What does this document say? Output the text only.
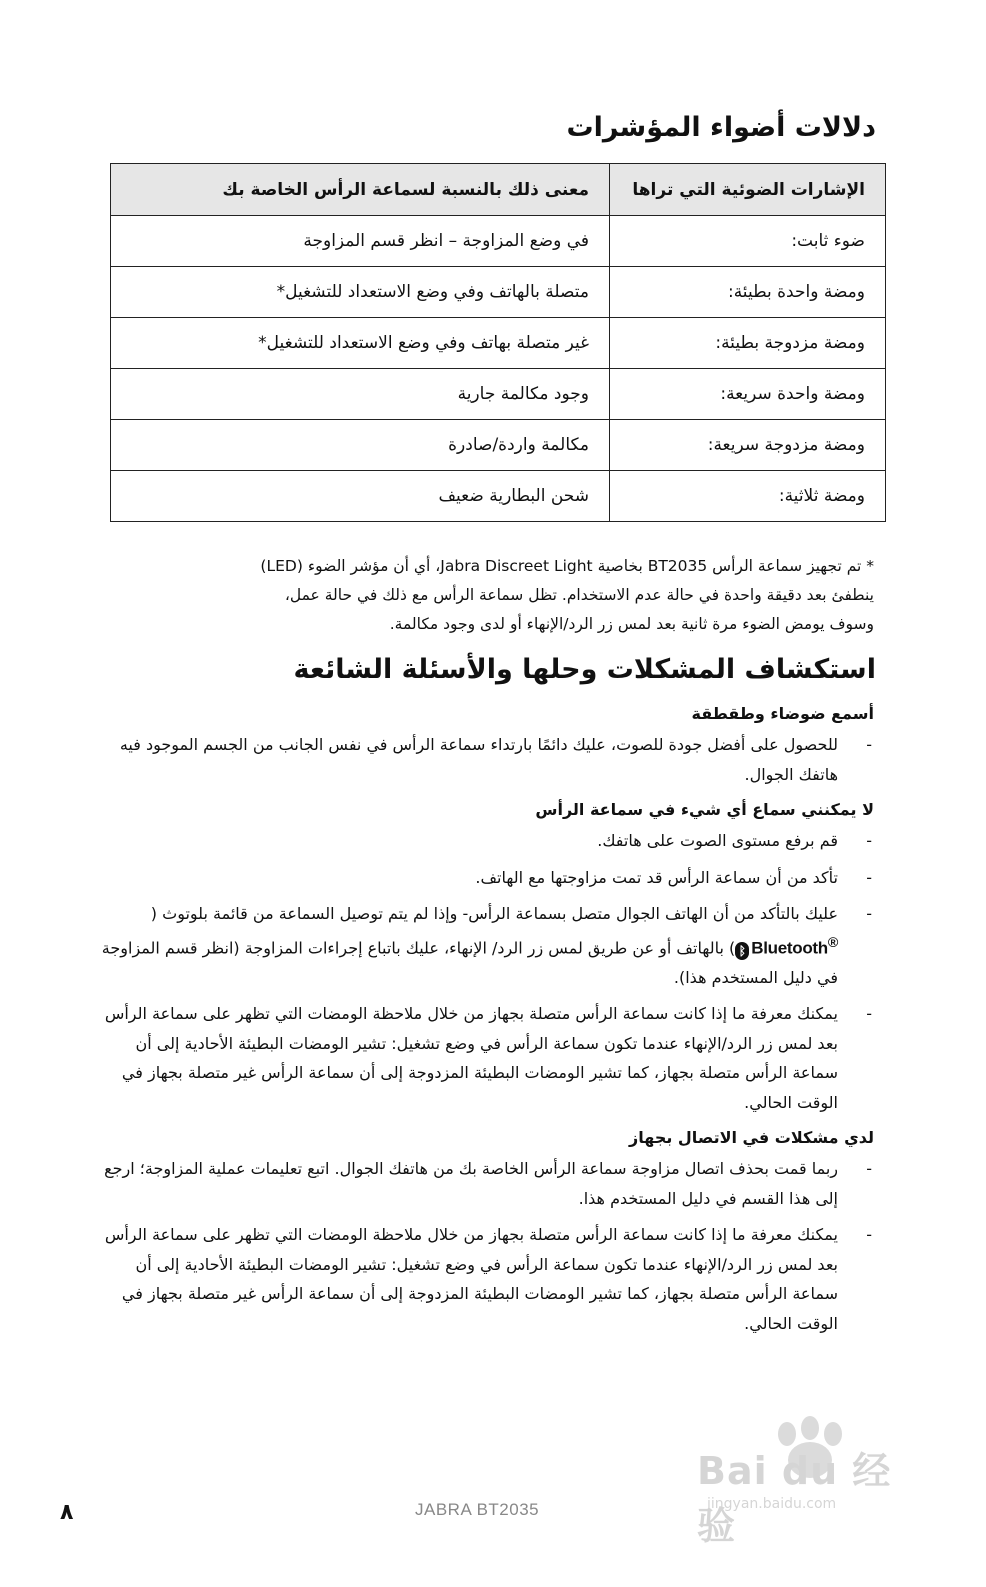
دلالات أضواء المؤشرات
الإشارات الضوئية التي تراها	معنى ذلك بالنسبة لسماعة الرأس الخاصة بك
ضوء ثابت:	في وضع المزاوجة – انظر قسم المزاوجة
ومضة واحدة بطيئة:	متصلة بالهاتف وفي وضع الاستعداد للتشغيل*
ومضة مزدوجة بطيئة:	غير متصلة بهاتف وفي وضع الاستعداد للتشغيل*
ومضة واحدة سريعة:	وجود مكالمة جارية
ومضة مزدوجة سريعة:	مكالمة واردة/صادرة
ومضة ثلاثية:	شحن البطارية ضعيف

* تم تجهيز سماعة الرأس BT2035 بخاصية Jabra Discreet Light، أي أن مؤشر الضوء (LED)

ينطفئ بعد دقيقة واحدة في حالة عدم الاستخدام. تظل سماعة الرأس مع ذلك في حالة عمل،

وسوف يومض الضوء مرة ثانية بعد لمس زر الرد/الإنهاء أو لدى وجود مكالمة.

استكشاف المشكلات وحلها والأسئلة الشائعة

أسمع ضوضاء وطقطقة

-
للحصول على أفضل جودة للصوت، عليك دائمًا بارتداء سماعة الرأس في نفس الجانب من الجسم الموجود فيه هاتفك الجوال.

لا يمكنني سماع أي شيء في سماعة الرأس

-
قم برفع مستوى الصوت على هاتفك.
-
تأكد من أن سماعة الرأس قد تمت مزاوجتها مع الهاتف.
-
عليك بالتأكد من أن الهاتف الجوال متصل بسماعة الرأس- وإذا لم يتم توصيل السماعة من قائمة بلوتوث (ᛒ Bluetooth®) بالهاتف أو عن طريق لمس زر الرد/ الإنهاء، عليك باتباع إجراءات المزاوجة (انظر قسم المزاوجة في دليل المستخدم هذا).
-
يمكنك معرفة ما إذا كانت سماعة الرأس متصلة بجهاز من خلال ملاحظة الومضات التي تظهر على سماعة الرأس بعد لمس زر الرد/الإنهاء عندما تكون سماعة الرأس في وضع تشغيل: تشير الومضات البطيئة الأحادية إلى أن سماعة الرأس متصلة بجهاز، كما تشير الومضات البطيئة المزدوجة إلى أن سماعة الرأس غير متصلة بجهاز في الوقت الحالي.

لدي مشكلات في الاتصال بجهاز

-
ربما قمت بحذف اتصال مزاوجة سماعة الرأس الخاصة بك من هاتفك الجوال. اتبع تعليمات عملية المزاوجة؛ ارجع إلى هذا القسم في دليل المستخدم هذا.
-
يمكنك معرفة ما إذا كانت سماعة الرأس متصلة بجهاز من خلال ملاحظة الومضات التي تظهر على سماعة الرأس بعد لمس زر الرد/الإنهاء عندما تكون سماعة الرأس في وضع تشغيل: تشير الومضات البطيئة الأحادية إلى أن سماعة الرأس متصلة بجهاز، كما تشير الومضات البطيئة المزدوجة إلى أن سماعة الرأس غير متصلة بجهاز في الوقت الحالي.
Bai du 经验
jingyan.baidu.com

٨	JABRA BT2035
